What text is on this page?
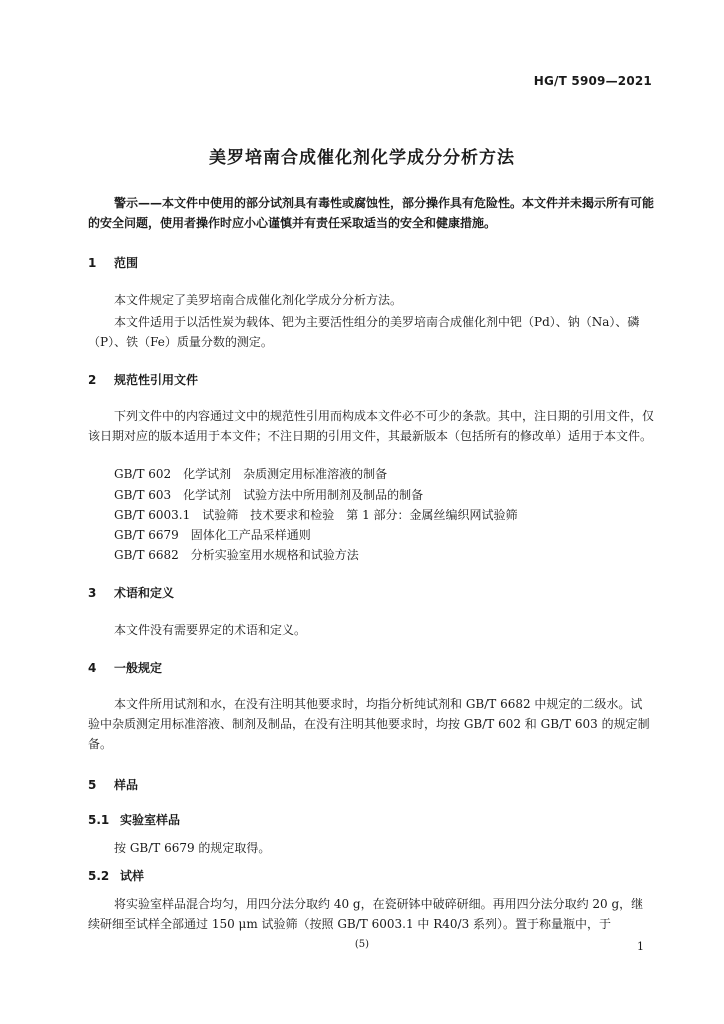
HG/T 5909—2021
美罗培南合成催化剂化学成分分析方法
警示——本文件中使用的部分试剂具有毒性或腐蚀性，部分操作具有危险性。本文件并未揭示所有可能的安全问题，使用者操作时应小心谨慎并有责任采取适当的安全和健康措施。
1 范围
本文件规定了美罗培南合成催化剂化学成分分析方法。
本文件适用于以活性炭为载体、钯为主要活性组分的美罗培南合成催化剂中钯（Pd）、钠（Na）、磷（P）、铁（Fe）质量分数的测定。
2 规范性引用文件
下列文件中的内容通过文中的规范性引用而构成本文件必不可少的条款。其中，注日期的引用文件，仅该日期对应的版本适用于本文件；不注日期的引用文件，其最新版本（包括所有的修改单）适用于本文件。
GB/T 602　化学试剂　杂质测定用标准溶液的制备
GB/T 603　化学试剂　试验方法中所用制剂及制品的制备
GB/T 6003.1　试验筛　技术要求和检验　第 1 部分：金属丝编织网试验筛
GB/T 6679　固体化工产品采样通则
GB/T 6682　分析实验室用水规格和试验方法
3 术语和定义
本文件没有需要界定的术语和定义。
4 一般规定
本文件所用试剂和水，在没有注明其他要求时，均指分析纯试剂和 GB/T 6682 中规定的二级水。试验中杂质测定用标准溶液、制剂及制品，在没有注明其他要求时，均按 GB/T 602 和 GB/T 603 的规定制备。
5 样品
5.1 实验室样品
按 GB/T 6679 的规定取得。
5.2 试样
将实验室样品混合均匀，用四分法分取约 40 g，在瓷研钵中破碎研细。再用四分法分取约 20 g，继续研细至试样全部通过 150 μm 试验筛（按照 GB/T 6003.1 中 R40/3 系列）。置于称量瓶中，于
(5)	1
